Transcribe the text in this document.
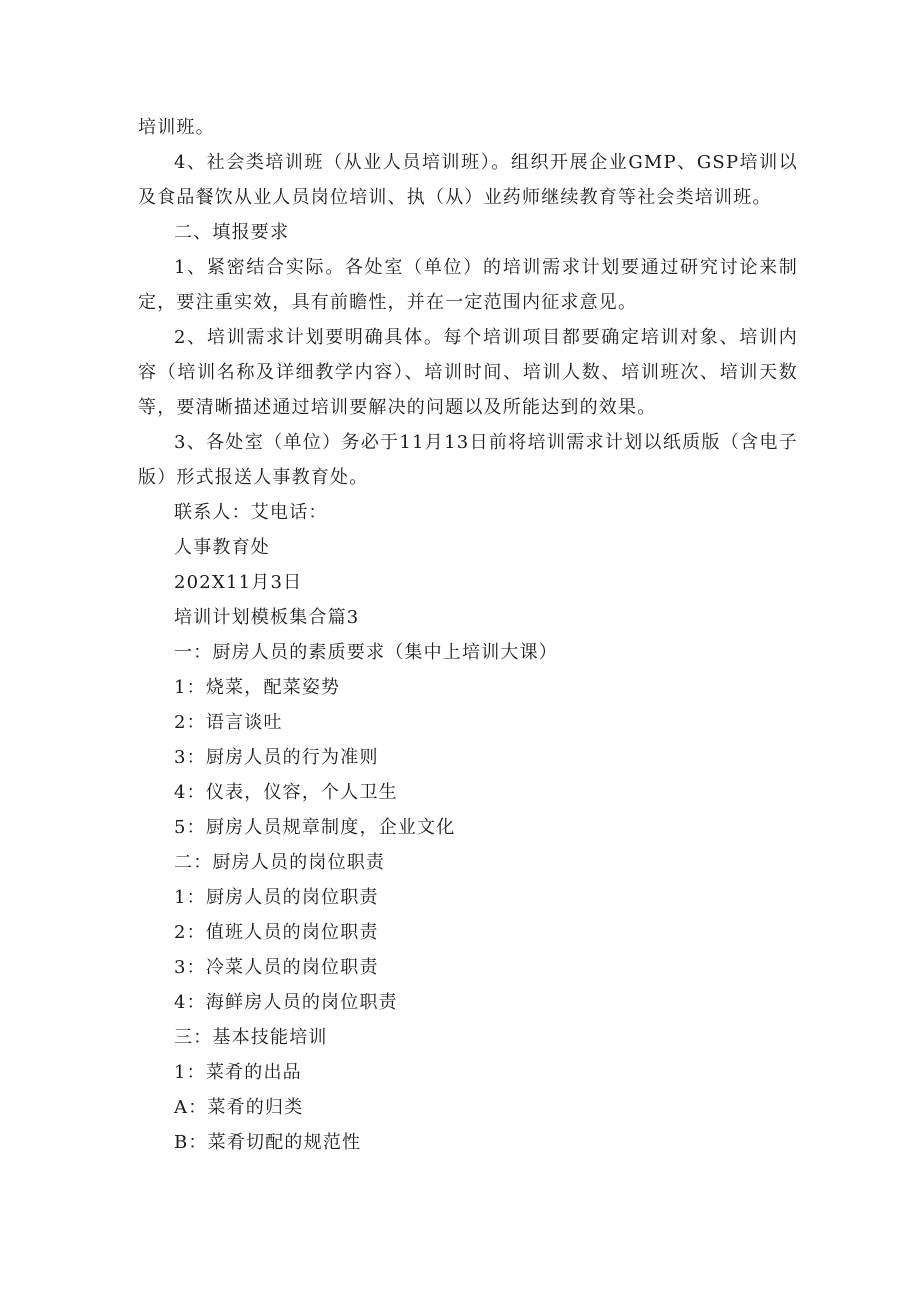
培训班。

4、社会类培训班（从业人员培训班）。组织开展企业GMP、GSP培训以及食品餐饮从业人员岗位培训、执（从）业药师继续教育等社会类培训班。

二、填报要求

1、紧密结合实际。各处室（单位）的培训需求计划要通过研究讨论来制定，要注重实效，具有前瞻性，并在一定范围内征求意见。

2、培训需求计划要明确具体。每个培训项目都要确定培训对象、培训内容（培训名称及详细教学内容）、培训时间、培训人数、培训班次、培训天数等，要清晰描述通过培训要解决的问题以及所能达到的效果。

3、各处室（单位）务必于11月13日前将培训需求计划以纸质版（含电子版）形式报送人事教育处。

联系人：艾电话：

人事教育处

202X11月3日

培训计划模板集合篇3

一：厨房人员的素质要求（集中上培训大课）

1：烧菜，配菜姿势

2：语言谈吐

3：厨房人员的行为准则

4：仪表，仪容，个人卫生

5：厨房人员规章制度，企业文化

二：厨房人员的岗位职责

1：厨房人员的岗位职责

2：值班人员的岗位职责

3：冷菜人员的岗位职责

4：海鲜房人员的岗位职责

三：基本技能培训

1：菜肴的出品

A：菜肴的归类

B：菜肴切配的规范性
